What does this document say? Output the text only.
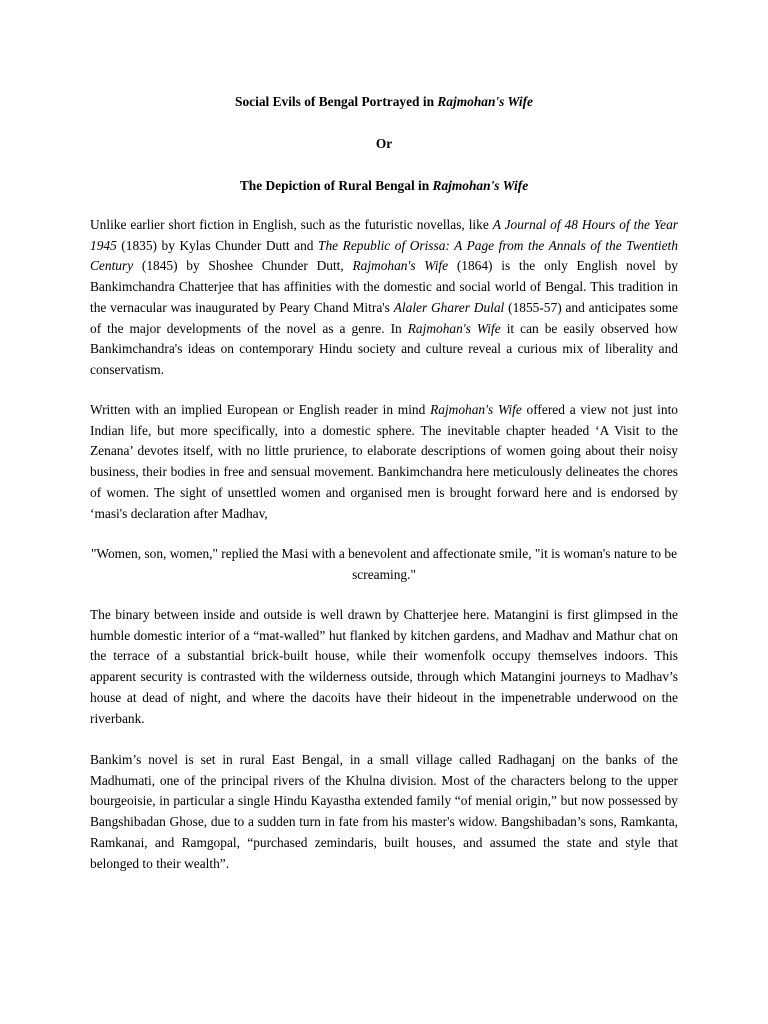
Social Evils of Bengal Portrayed in Rajmohan's Wife

Or

The Depiction of Rural Bengal in Rajmohan's Wife

Unlike earlier short fiction in English, such as the futuristic novellas, like A Journal of 48 Hours of the Year 1945 (1835) by Kylas Chunder Dutt and The Republic of Orissa: A Page from the Annals of the Twentieth Century (1845) by Shoshee Chunder Dutt, Rajmohan's Wife (1864) is the only English novel by Bankimchandra Chatterjee that has affinities with the domestic and social world of Bengal. This tradition in the vernacular was inaugurated by Peary Chand Mitra's Alaler Gharer Dulal (1855-57) and anticipates some of the major developments of the novel as a genre. In Rajmohan's Wife it can be easily observed how Bankimchandra's ideas on contemporary Hindu society and culture reveal a curious mix of liberality and conservatism.

Written with an implied European or English reader in mind Rajmohan's Wife offered a view not just into Indian life, but more specifically, into a domestic sphere. The inevitable chapter headed ‘A Visit to the Zenana’ devotes itself, with no little prurience, to elaborate descriptions of women going about their noisy business, their bodies in free and sensual movement. Bankimchandra here meticulously delineates the chores of women. The sight of unsettled women and organised men is brought forward here and is endorsed by ‘masi's declaration after Madhav,

"Women, son, women," replied the Masi with a benevolent and affectionate smile, "it is woman's nature to be screaming."

The binary between inside and outside is well drawn by Chatterjee here. Matangini is first glimpsed in the humble domestic interior of a “mat-walled” hut flanked by kitchen gardens, and Madhav and Mathur chat on the terrace of a substantial brick-built house, while their womenfolk occupy themselves indoors. This apparent security is contrasted with the wilderness outside, through which Matangini journeys to Madhav’s house at dead of night, and where the dacoits have their hideout in the impenetrable underwood on the riverbank.

Bankim’s novel is set in rural East Bengal, in a small village called Radhaganj on the banks of the Madhumati, one of the principal rivers of the Khulna division. Most of the characters belong to the upper bourgeoisie, in particular a single Hindu Kayastha extended family “of menial origin,” but now possessed by Bangshibadan Ghose, due to a sudden turn in fate from his master's widow. Bangshibadan’s sons, Ramkanta, Ramkanai, and Ramgopal, “purchased zemindaris, built houses, and assumed the state and style that belonged to their wealth”.
